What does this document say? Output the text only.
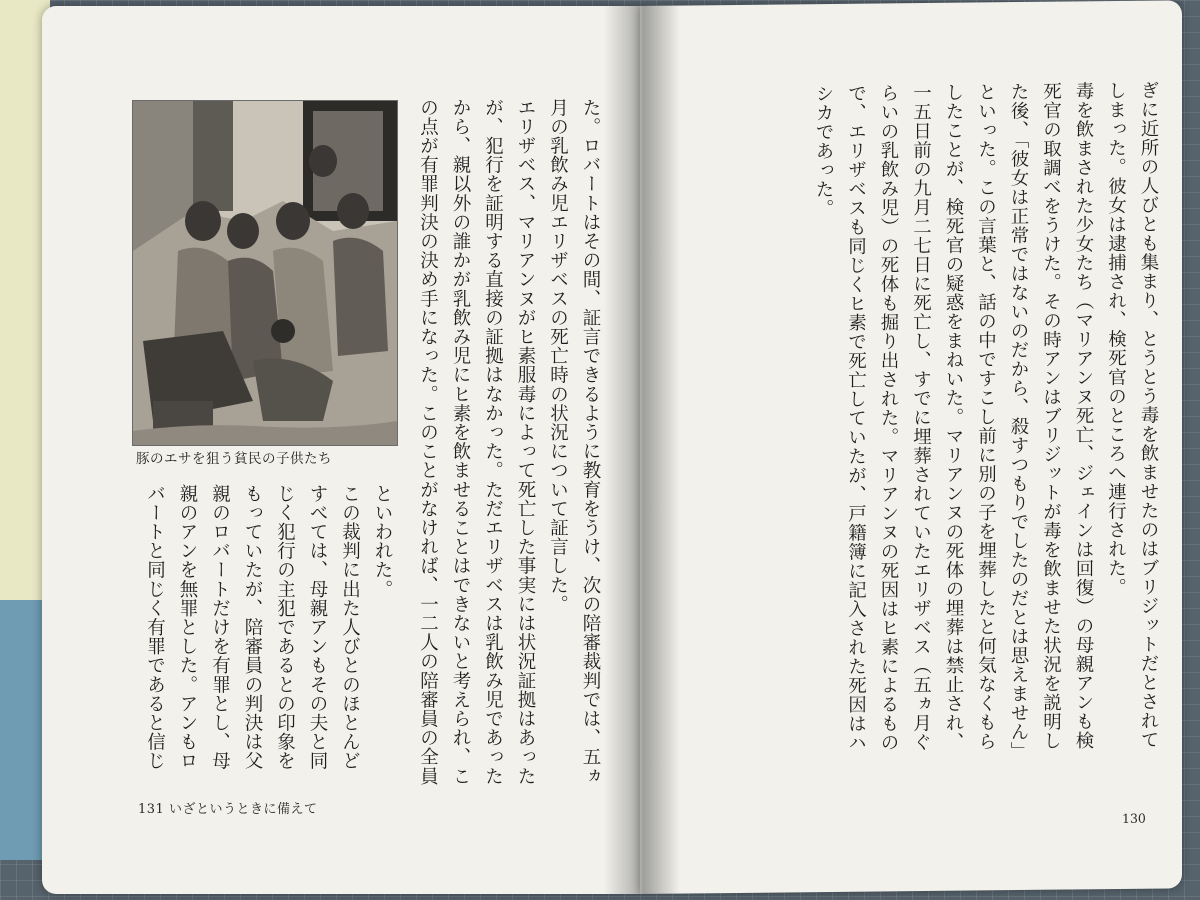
た。ロバートはその間、証言できるように教育をうけ、次の陪審裁判では、五ヵ月の乳飲み児エリザベスの死亡時の状況について証言した。
エリザベス、マリアンヌがヒ素服毒によって死亡した事実には状況証拠はあったが、犯行を証明する直接の証拠はなかった。ただエリザベスは乳飲み児であったから、親以外の誰かが乳飲み児にヒ素を飲ませることはできないと考えられ、この点が有罪判決の決め手になった。このことがなければ、一二人の陪審員の全員
豚のエサを狙う貧民の子供たち
といわれた。
この裁判に出た人びとのほとんどすべては、母親アンもその夫と同じく犯行の主犯であるとの印象をもっていたが、陪審員の判決は父親のロバートだけを有罪とし、母親のアンを無罪とした。アンもロバートと同じく有罪であると信じ
131 いざというときに備えて
ぎに近所の人びとも集まり、とうとう毒を飲ませたのはブリジットだとされてしまった。彼女は逮捕され、検死官のところへ連行された。
毒を飲まされた少女たち（マリアンヌ死亡、ジェインは回復）の母親アンも検死官の取調べをうけた。その時アンはブリジットが毒を飲ませた状況を説明した後、「彼女は正常ではないのだから、殺すつもりでしたのだとは思えません」といった。この言葉と、話の中ですこし前に別の子を埋葬したと何気なくもらしたことが、検死官の疑惑をまねいた。マリアンヌの死体の埋葬は禁止され、一五日前の九月二七日に死亡し、すでに埋葬されていたエリザベス（五ヵ月ぐらいの乳飲み児）の死体も掘り出された。マリアンヌの死因はヒ素によるもので、エリザベスも同じくヒ素で死亡していたが、戸籍簿に記入された死因はハシカであった。

130
